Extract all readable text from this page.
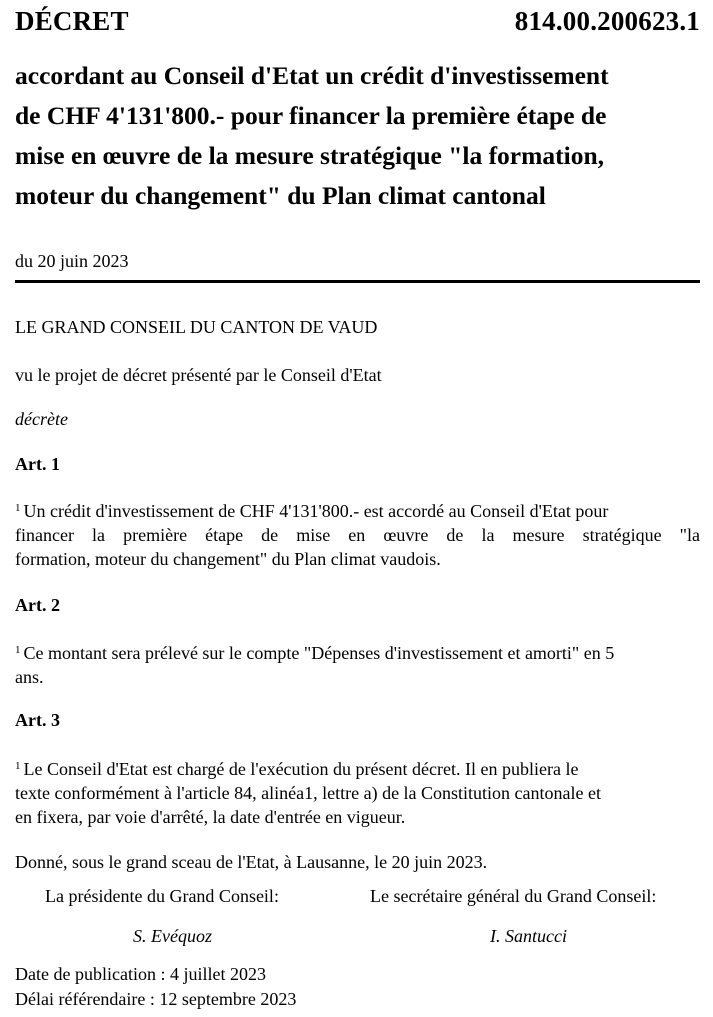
DÉCRET	814.00.200623.1
accordant au Conseil d'Etat un crédit d'investissement
de CHF 4'131'800.- pour financer la première étape de
mise en œuvre de la mesure stratégique "la formation,
moteur du changement" du Plan climat cantonal
du 20 juin 2023
LE GRAND CONSEIL DU CANTON DE VAUD
vu le projet de décret présenté par le Conseil d'Etat
décrète
Art. 1
$^1$ Un crédit d'investissement de CHF 4'131'800.- est accordé au Conseil d'Etat pour
financer la première étape de mise en œuvre de la mesure stratégique "la
formation, moteur du changement" du Plan climat vaudois.
Art. 2
$^1$ Ce montant sera prélevé sur le compte "Dépenses d'investissement et amorti" en 5
ans.
Art. 3
$^1$ Le Conseil d'Etat est chargé de l'exécution du présent décret. Il en publiera le
texte conformément à l'article 84, alinéa1, lettre a) de la Constitution cantonale et
en fixera, par voie d'arrêté, la date d'entrée en vigueur.
Donné, sous le grand sceau de l'Etat, à Lausanne, le 20 juin 2023.
La présidente du Grand Conseil:	Le secrétaire général du Grand Conseil:
S. Evéquoz	I. Santucci
Date de publication : 4 juillet 2023
Délai référendaire : 12 septembre 2023
